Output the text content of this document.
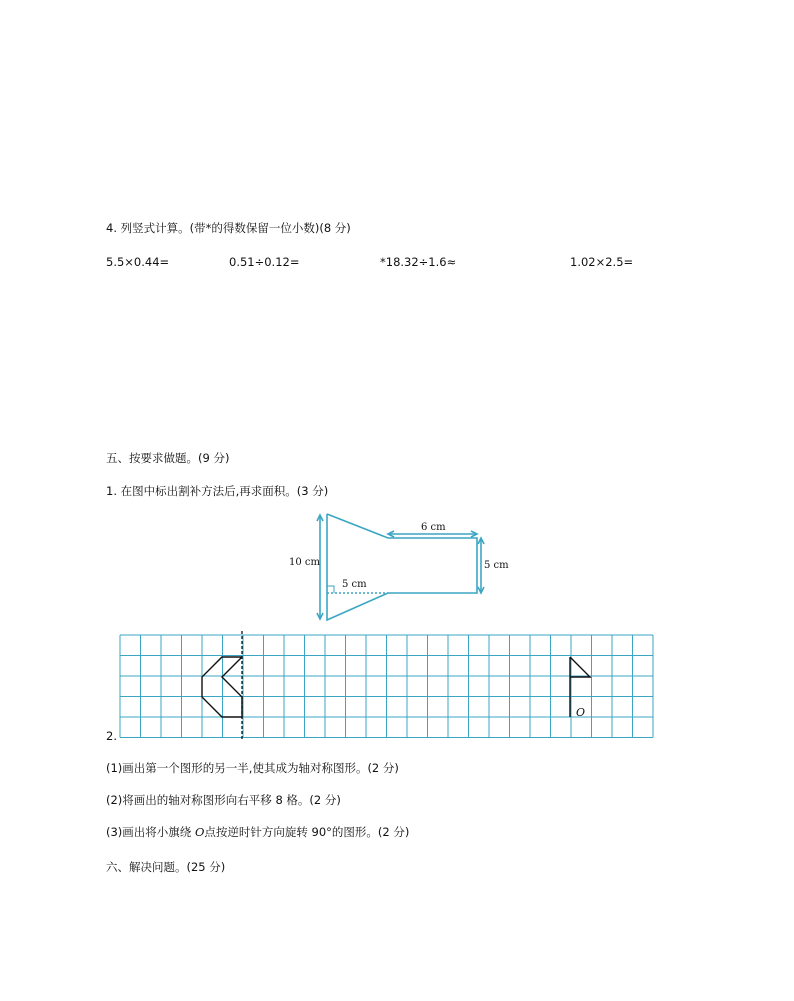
4. 列竖式计算。(带*的得数保留一位小数)(8 分)
5.5×0.44=	0.51÷0.12=	*18.32÷1.6≈	1.02×2.5=
五、按要求做题。(9 分)
1. 在图中标出割补方法后,再求面积。(3 分)
10 cm
6 cm
5 cm
5 cm
2.
O
(1)画出第一个图形的另一半,使其成为轴对称图形。(2 分)
(2)将画出的轴对称图形向右平移 8 格。(2 分)
(3)画出将小旗绕 O点按逆时针方向旋转 90°的图形。(2 分)
六、解决问题。(25 分)
